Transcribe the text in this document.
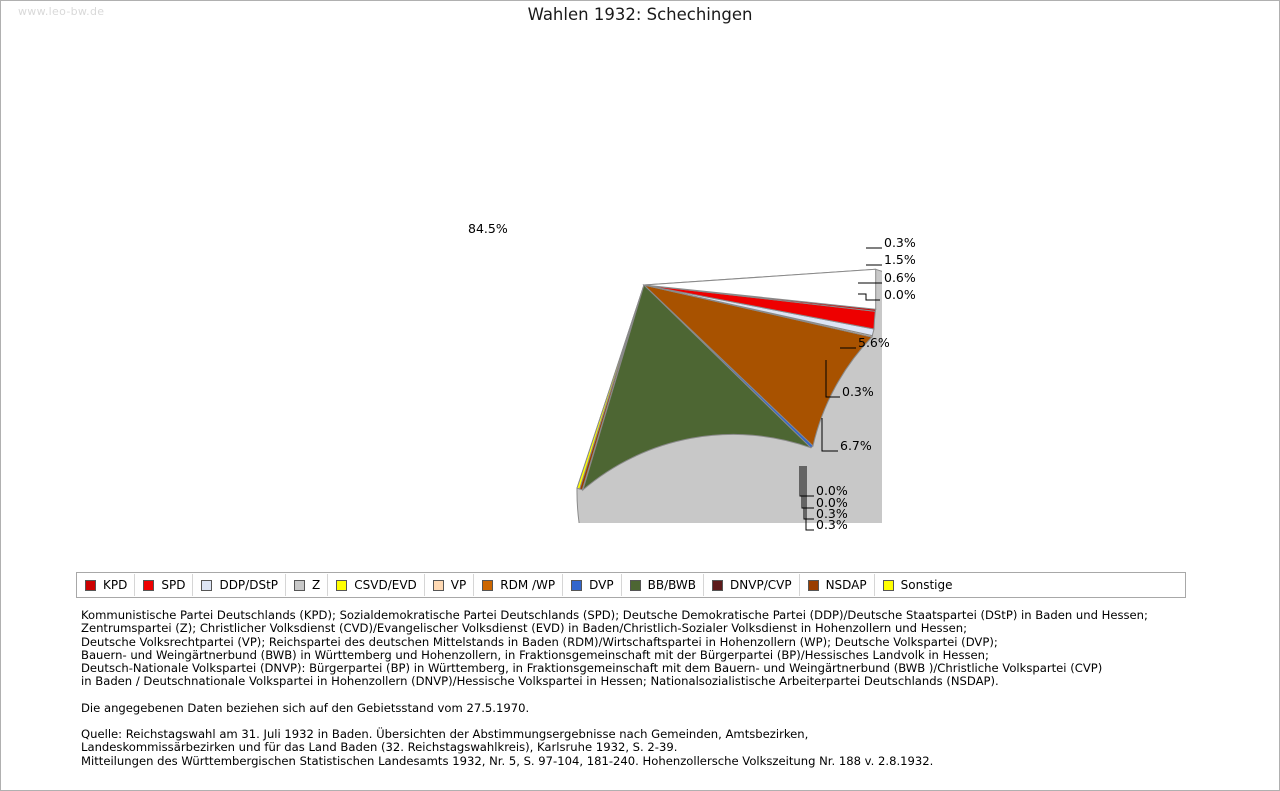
www.leo-bw.de	Wahlen 1932: Schechingen
84.5%
0.3%
1.5%
0.6%
0.0%
5.6%
0.3%
6.7%
0.0%
0.0%
0.3%
0.3%
KPD	SPD	DDP/DStP	Z	CSVD/EVD	VP	RDM /WP	DVP	BB/BWB	DNVP/CVP	NSDAP	Sonstige

Kommunistische Partei Deutschlands (KPD); Sozialdemokratische Partei Deutschlands (SPD); Deutsche Demokratische Partei (DDP)/Deutsche Staatspartei (DStP) in Baden und Hessen;

Zentrumspartei (Z); Christlicher Volksdienst (CVD)/Evangelischer Volksdienst (EVD) in Baden/Christlich-Sozialer Volksdienst in Hohenzollern und Hessen;

Deutsche Volksrechtpartei (VP); Reichspartei des deutschen Mittelstands in Baden (RDM)/Wirtschaftspartei in Hohenzollern (WP); Deutsche Volkspartei (DVP);

Bauern- und Weingärtnerbund (BWB) in Württemberg und Hohenzollern, in Fraktionsgemeinschaft mit der Bürgerpartei (BP)/Hessisches Landvolk in Hessen;

Deutsch-Nationale Volkspartei (DNVP): Bürgerpartei (BP) in Württemberg, in Fraktionsgemeinschaft mit dem Bauern- und Weingärtnerbund (BWB )/Christliche Volkspartei (CVP)

in Baden / Deutschnationale Volkspartei in Hohenzollern (DNVP)/Hessische Volkspartei in Hessen; Nationalsozialistische Arbeiterpartei Deutschlands (NSDAP).

Die angegebenen Daten beziehen sich auf den Gebietsstand vom 27.5.1970.

Quelle: Reichstagswahl am 31. Juli 1932 in Baden. Übersichten der Abstimmungsergebnisse nach Gemeinden, Amtsbezirken,

Landeskommissärbezirken und für das Land Baden (32. Reichstagswahlkreis), Karlsruhe 1932, S. 2-39.

Mitteilungen des Württembergischen Statistischen Landesamts 1932, Nr. 5, S. 97-104, 181-240. Hohenzollersche Volkszeitung Nr. 188 v. 2.8.1932.
